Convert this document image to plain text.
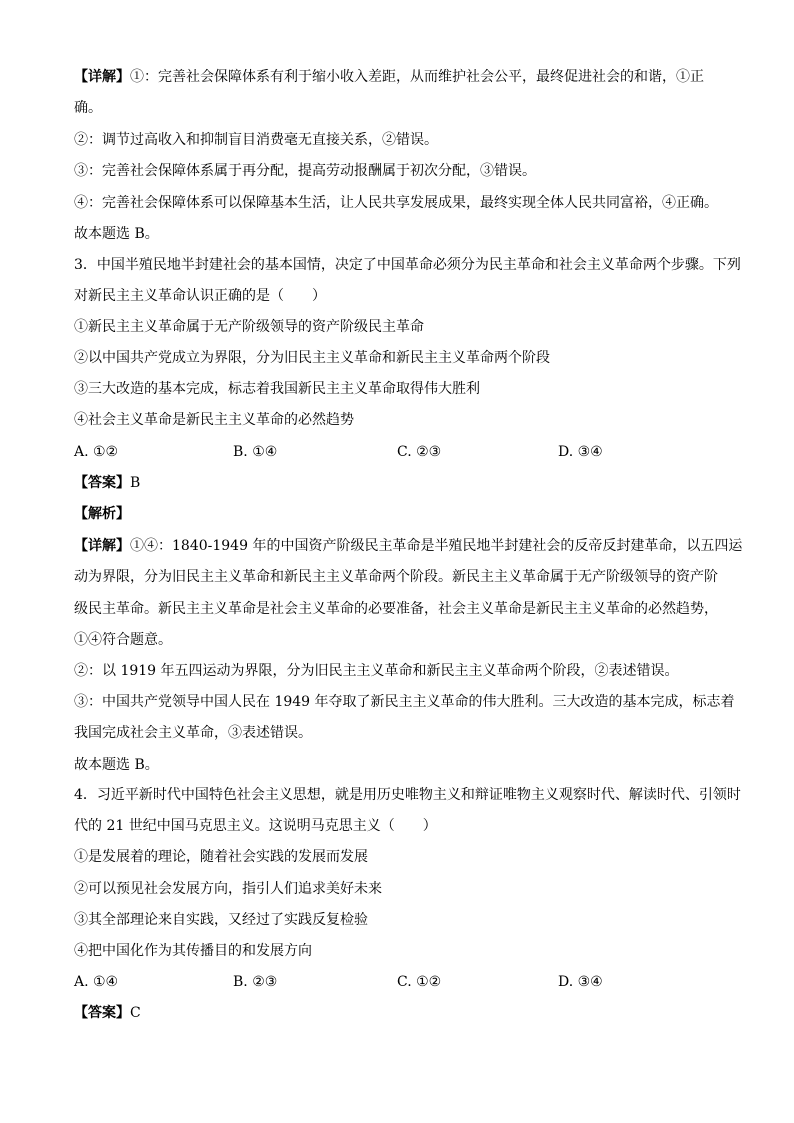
【详解】①：完善社会保障体系有利于缩小收入差距，从而维护社会公平，最终促进社会的和谐，①正
确。
②：调节过高收入和抑制盲目消费毫无直接关系，②错误。
③：完善社会保障体系属于再分配，提高劳动报酬属于初次分配，③错误。
④：完善社会保障体系可以保障基本生活，让人民共享发展成果，最终实现全体人民共同富裕，④正确。
故本题选 B。
3．中国半殖民地半封建社会的基本国情，决定了中国革命必须分为民主革命和社会主义革命两个步骤。下列
对新民主主义革命认识正确的是（　　）
①新民主主义革命属于无产阶级领导的资产阶级民主革命
②以中国共产党成立为界限，分为旧民主主义革命和新民主主义革命两个阶段
③三大改造的基本完成，标志着我国新民主主义革命取得伟大胜利
④社会主义革命是新民主主义革命的必然趋势
A. ①②	B. ①④	C. ②③	D. ③④
【答案】B
【解析】
【详解】①④：1840-1949 年的中国资产阶级民主革命是半殖民地半封建社会的反帝反封建革命，以五四运
动为界限，分为旧民主主义革命和新民主主义革命两个阶段。新民主主义革命属于无产阶级领导的资产阶
级民主革命。新民主主义革命是社会主义革命的必要准备，社会主义革命是新民主主义革命的必然趋势，
①④符合题意。
②：以 1919 年五四运动为界限，分为旧民主主义革命和新民主主义革命两个阶段，②表述错误。
③：中国共产党领导中国人民在 1949 年夺取了新民主主义革命的伟大胜利。三大改造的基本完成，标志着
我国完成社会主义革命，③表述错误。
故本题选 B。
4．习近平新时代中国特色社会主义思想，就是用历史唯物主义和辩证唯物主义观察时代、解读时代、引领时
代的 21 世纪中国马克思主义。这说明马克思主义（　　）
①是发展着的理论，随着社会实践的发展而发展
②可以预见社会发展方向，指引人们追求美好未来
③其全部理论来自实践，又经过了实践反复检验
④把中国化作为其传播目的和发展方向
A. ①④	B. ②③	C. ①②	D. ③④
【答案】C
